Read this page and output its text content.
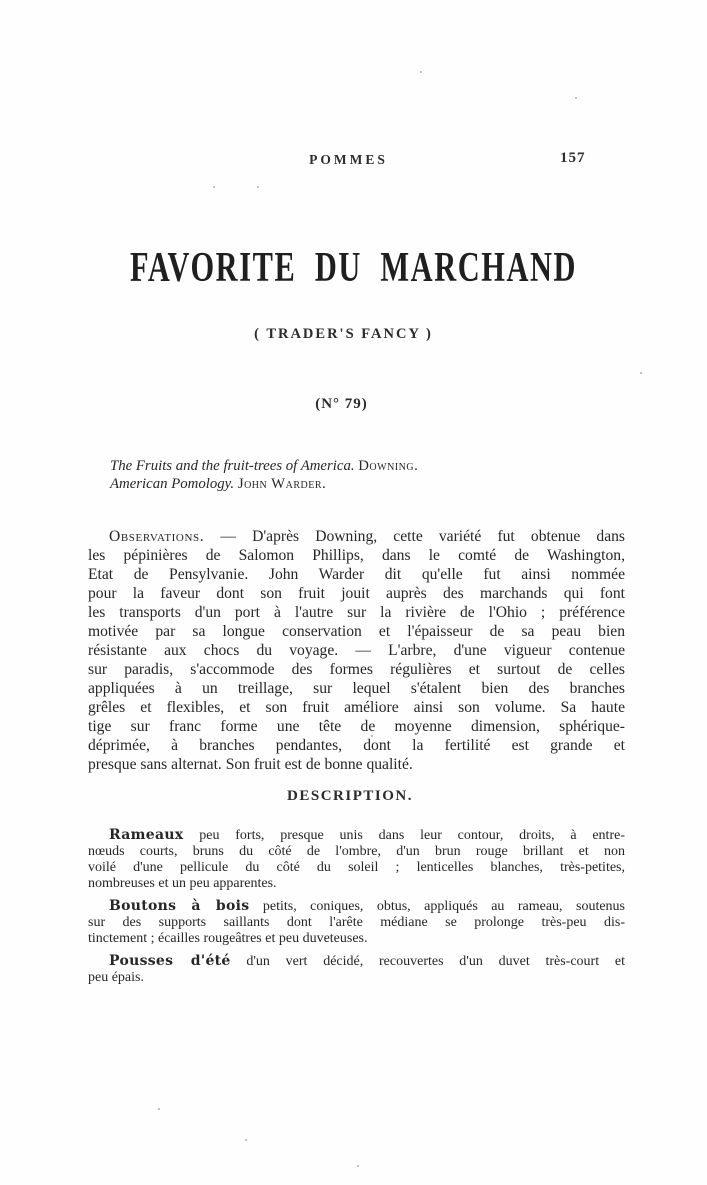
POMMES	157
FAVORITE DU MARCHAND
( TRADER'S FANCY )
(N° 79)
The Fruits and the fruit-trees of America. Downing.
American Pomology. John Warder.
Observations. — D'après Downing, cette variété fut obtenue dans
les pépinières de Salomon Phillips, dans le comté de Washington,
Etat de Pensylvanie. John Warder dit qu'elle fut ainsi nommée
pour la faveur dont son fruit jouit auprès des marchands qui font
les transports d'un port à l'autre sur la rivière de l'Ohio ; préférence
motivée par sa longue conservation et l'épaisseur de sa peau bien
résistante aux chocs du voyage. — L'arbre, d'une vigueur contenue
sur paradis, s'accommode des formes régulières et surtout de celles
appliquées à un treillage, sur lequel s'étalent bien des branches
grêles et flexibles, et son fruit améliore ainsi son volume. Sa haute
tige sur franc forme une tête de moyenne dimension, sphérique-
déprimée, à branches pendantes, dont la fertilité est grande et
presque sans alternat. Son fruit est de bonne qualité.
DESCRIPTION.
Rameaux peu forts, presque unis dans leur contour, droits, à entre-
nœuds courts, bruns du côté de l'ombre, d'un brun rouge brillant et non
voilé d'une pellicule du côté du soleil ; lenticelles blanches, très-petites,
nombreuses et un peu apparentes.
Boutons à bois petits, coniques, obtus, appliqués au rameau, soutenus
sur des supports saillants dont l'arête médiane se prolonge très-peu dis-
tinctement ; écailles rougeâtres et peu duveteuses.
Pousses d'été d'un vert décidé, recouvertes d'un duvet très-court et
peu épais.
